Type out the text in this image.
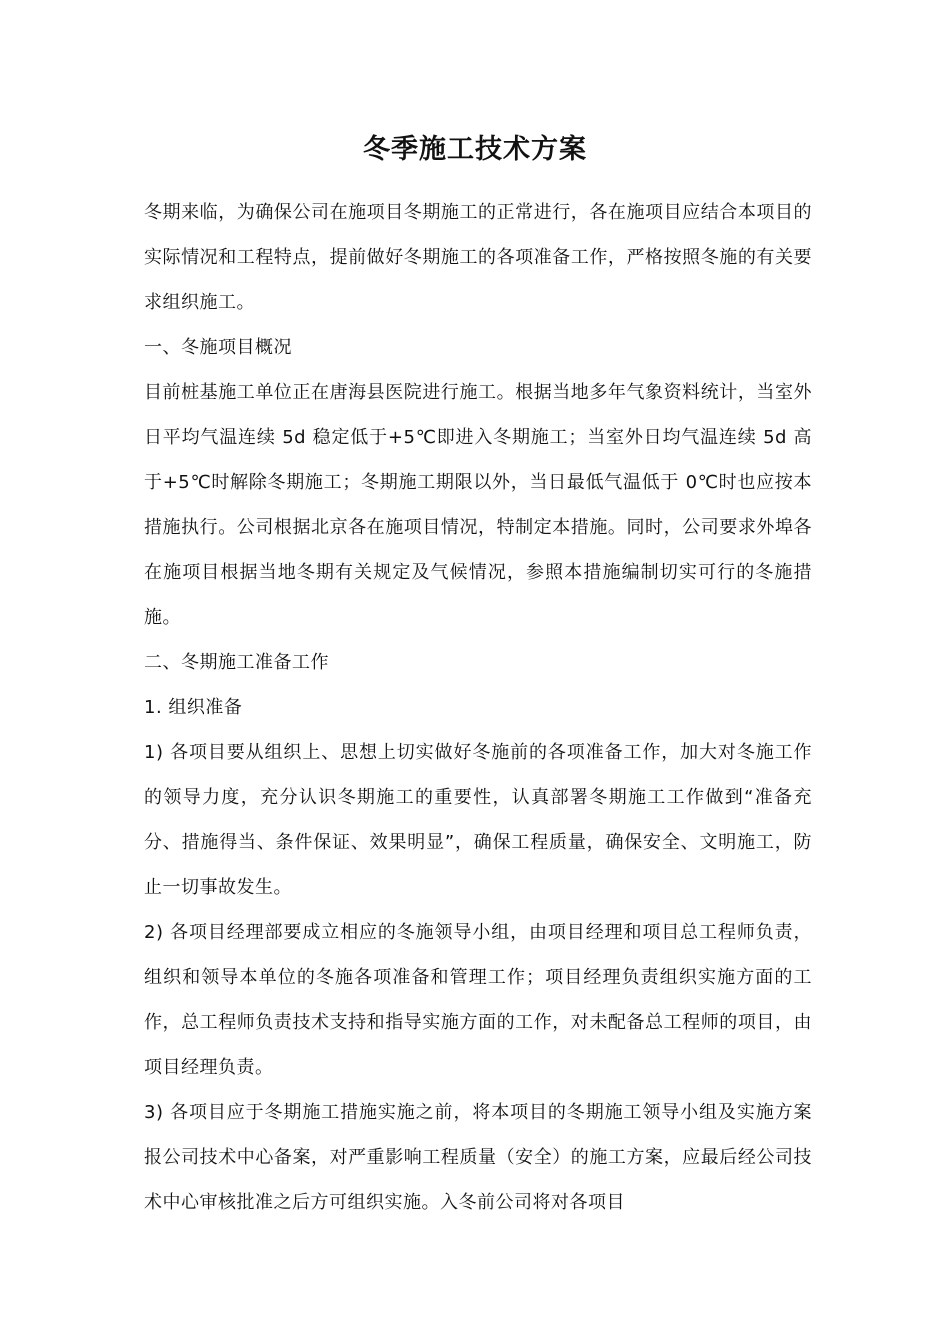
冬季施工技术方案

冬期来临，为确保公司在施项目冬期施工的正常进行，各在施项目应结合本项目的实际情况和工程特点，提前做好冬期施工的各项准备工作，严格按照冬施的有关要求组织施工。

一、冬施项目概况

目前桩基施工单位正在唐海县医院进行施工。根据当地多年气象资料统计，当室外日平均气温连续 5d 稳定低于+5℃即进入冬期施工；当室外日均气温连续 5d 高于+5℃时解除冬期施工；冬期施工期限以外，当日最低气温低于 0℃时也应按本措施执行。公司根据北京各在施项目情况，特制定本措施。同时，公司要求外埠各在施项目根据当地冬期有关规定及气候情况，参照本措施编制切实可行的冬施措施。

二、冬期施工准备工作

1. 组织准备

1) 各项目要从组织上、思想上切实做好冬施前的各项准备工作，加大对冬施工作的领导力度，充分认识冬期施工的重要性，认真部署冬期施工工作做到“准备充分、措施得当、条件保证、效果明显”，确保工程质量，确保安全、文明施工，防止一切事故发生。

2) 各项目经理部要成立相应的冬施领导小组，由项目经理和项目总工程师负责，组织和领导本单位的冬施各项准备和管理工作；项目经理负责组织实施方面的工作，总工程师负责技术支持和指导实施方面的工作，对未配备总工程师的项目，由项目经理负责。

3) 各项目应于冬期施工措施实施之前，将本项目的冬期施工领导小组及实施方案报公司技术中心备案，对严重影响工程质量（安全）的施工方案，应最后经公司技术中心审核批准之后方可组织实施。入冬前公司将对各项目
